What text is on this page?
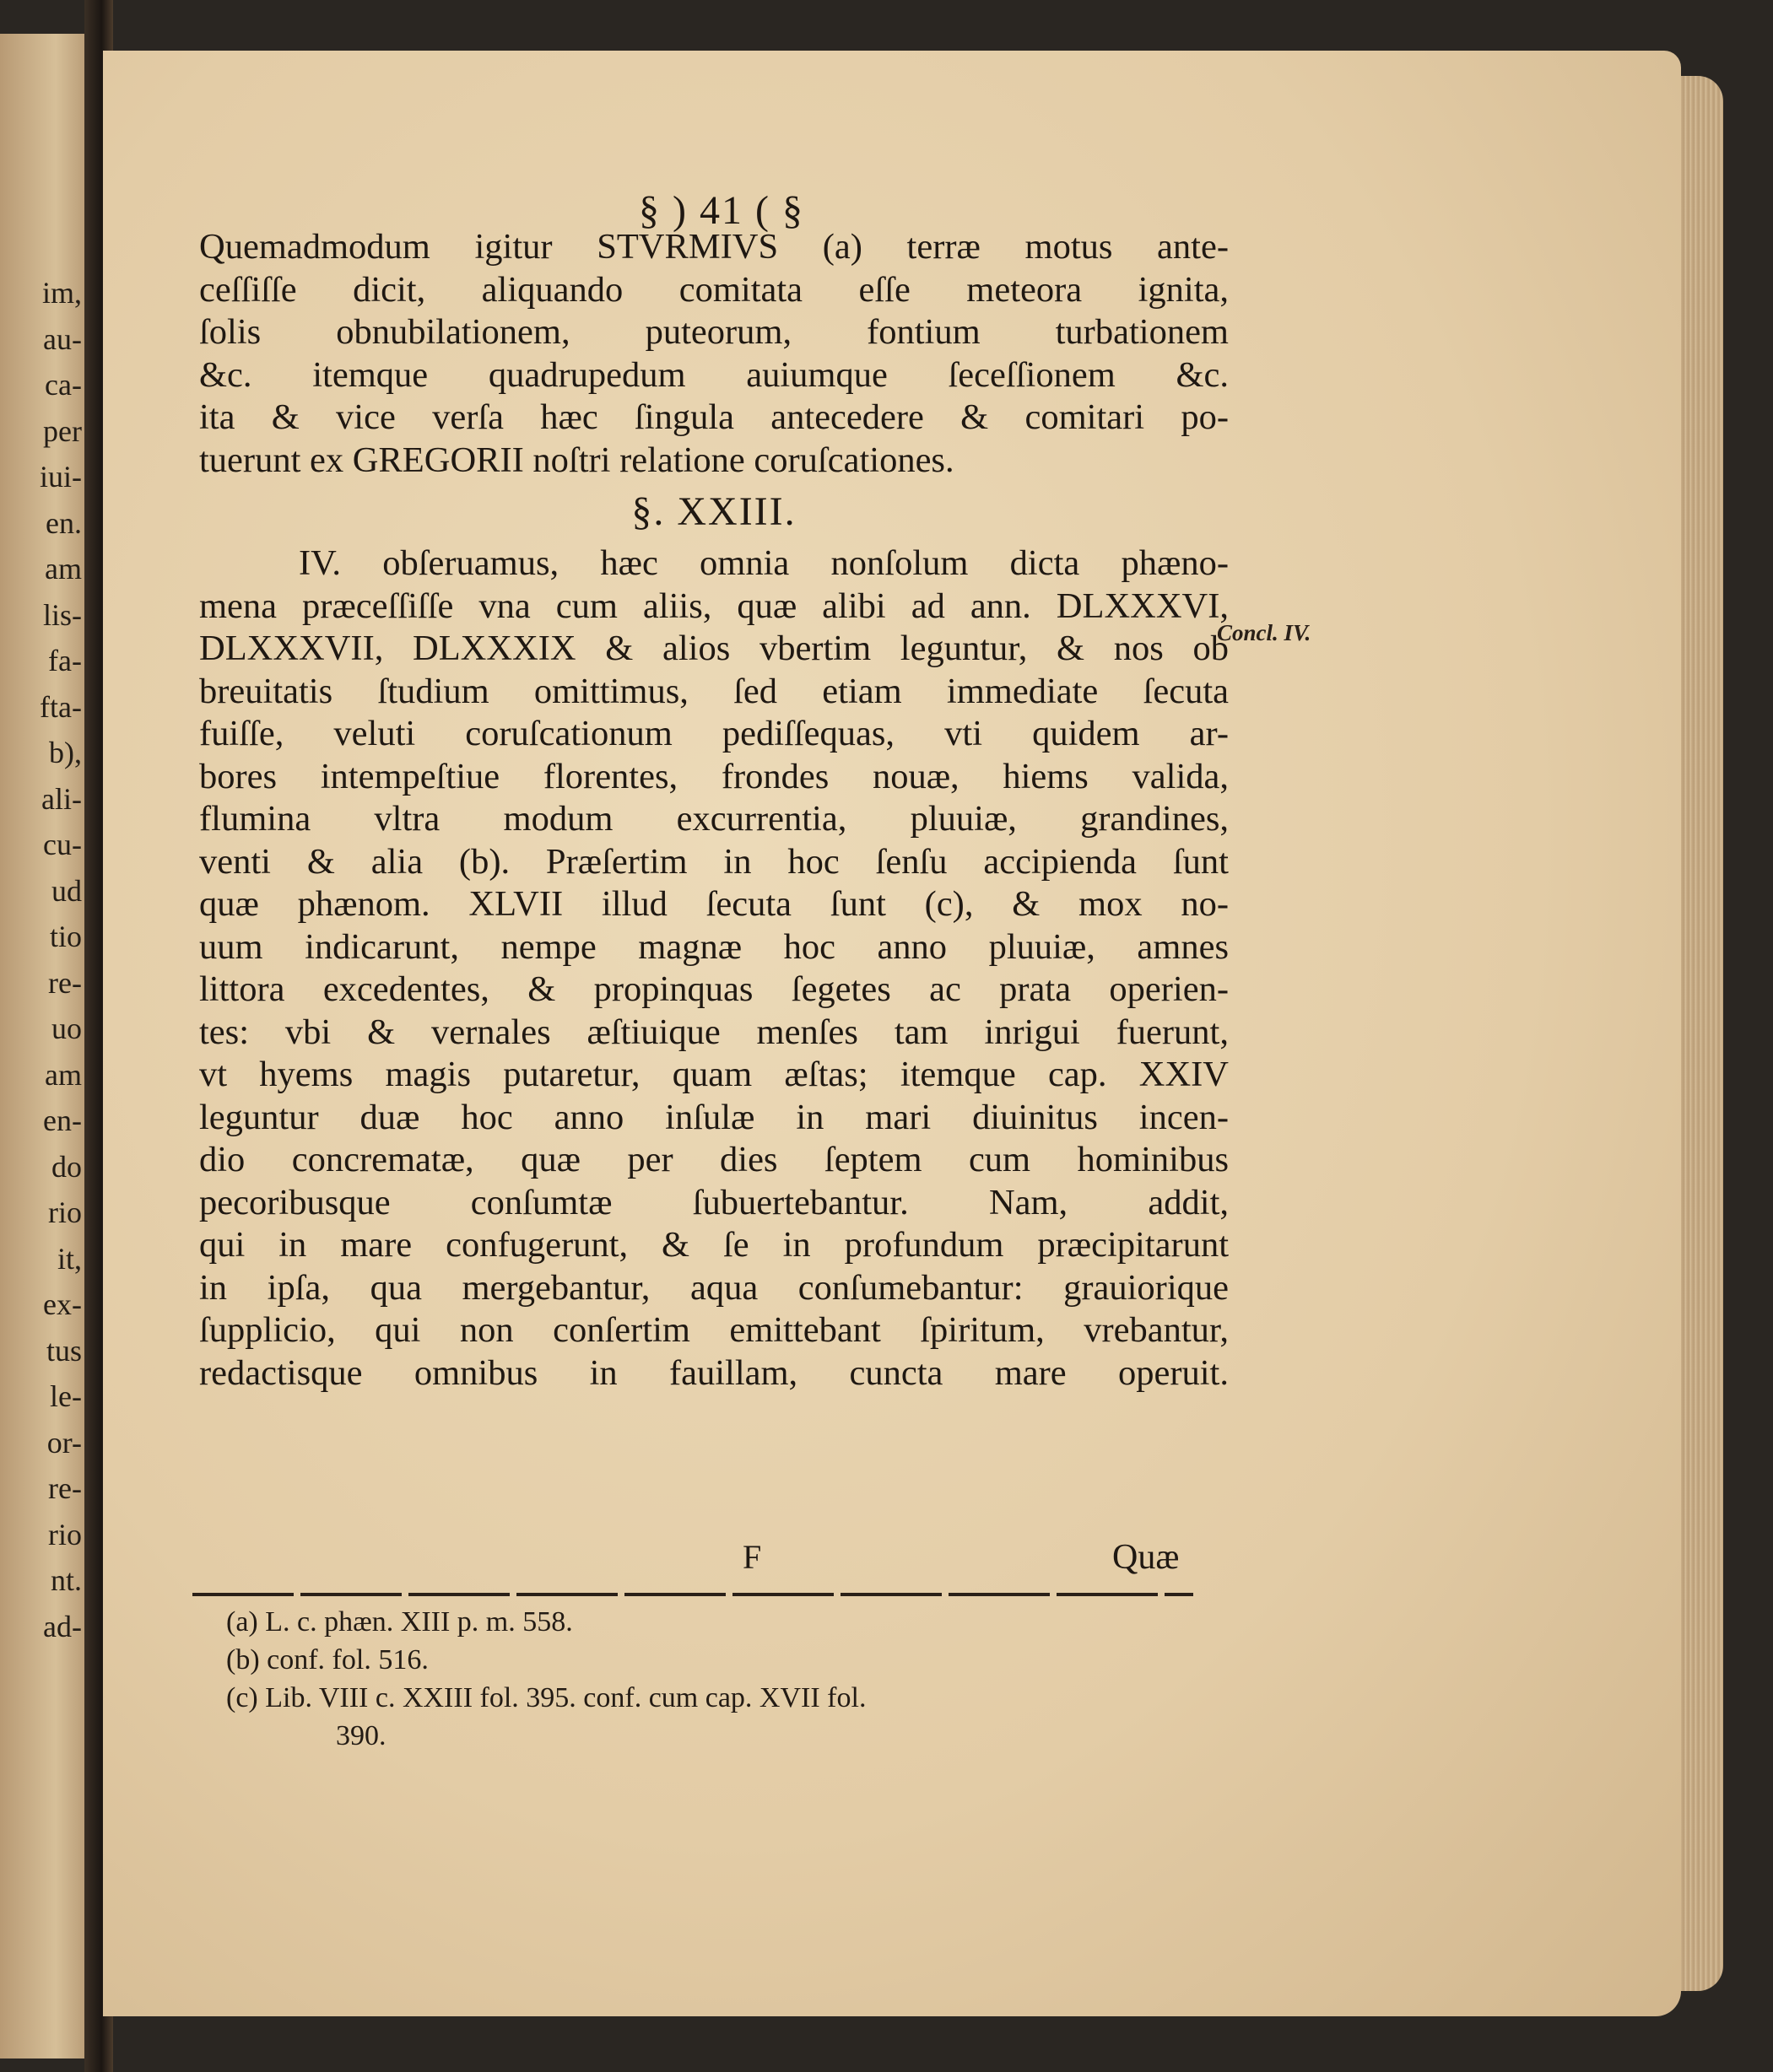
im,
au-
ca-
per
iui-
en.
am
lis-
fa-
fta-
b),
ali-
cu-
ud
tio
re-
uo
am
en-
do
rio
it,
ex-
tus
le-
or-
re-
rio
nt.
ad-
§ ) 41 ( §
Quemadmodum igitur STVRMIVS (a) terræ motus ante-
ceſſiſſe dicit, aliquando comitata eſſe meteora ignita,
ſolis obnubilationem, puteorum, fontium turbationem
&c. itemque quadrupedum auiumque ſeceſſionem &c.
ita & vice verſa hæc ſingula antecedere & comitari po-
tuerunt ex GREGORII noſtri relatione coruſcationes.
§. XXIII.
IV. obſeruamus, hæc omnia nonſolum dicta phæno-
mena præceſſiſſe vna cum aliis, quæ alibi ad ann. DLXXXVI,
DLXXXVII, DLXXXIX & alios vbertim leguntur, & nos ob
breuitatis ſtudium omittimus, ſed etiam immediate ſecuta
fuiſſe, veluti coruſcationum pediſſequas, vti quidem ar-
bores intempeſtiue florentes, frondes nouæ, hiems valida,
flumina vltra modum excurrentia, pluuiæ, grandines,
venti & alia (b). Præſertim in hoc ſenſu accipienda ſunt
quæ phænom. XLVII illud ſecuta ſunt (c), & mox no-
uum indicarunt, nempe magnæ hoc anno pluuiæ, amnes
littora excedentes, & propinquas ſegetes ac prata operien-
tes: vbi & vernales æſtiuique menſes tam inrigui fuerunt,
vt hyems magis putaretur, quam æſtas; itemque cap. XXIV
leguntur duæ hoc anno inſulæ in mari diuinitus incen-
dio concrematæ, quæ per dies ſeptem cum hominibus
pecoribusque conſumtæ ſubuertebantur. Nam, addit,
qui in mare confugerunt, & ſe in profundum præcipitarunt
in ipſa, qua mergebantur, aqua conſumebantur: grauiorique
ſupplicio, qui non conſertim emittebant ſpiritum, vrebantur,
redactisque omnibus in fauillam, cuncta mare operuit.
Concl. IV.
F	Quæ
(a) L. c. phæn. XIII p. m. 558.
(b) conf. fol. 516.
(c) Lib. VIII c. XXIII fol. 395. conf. cum cap. XVII fol.
390.
